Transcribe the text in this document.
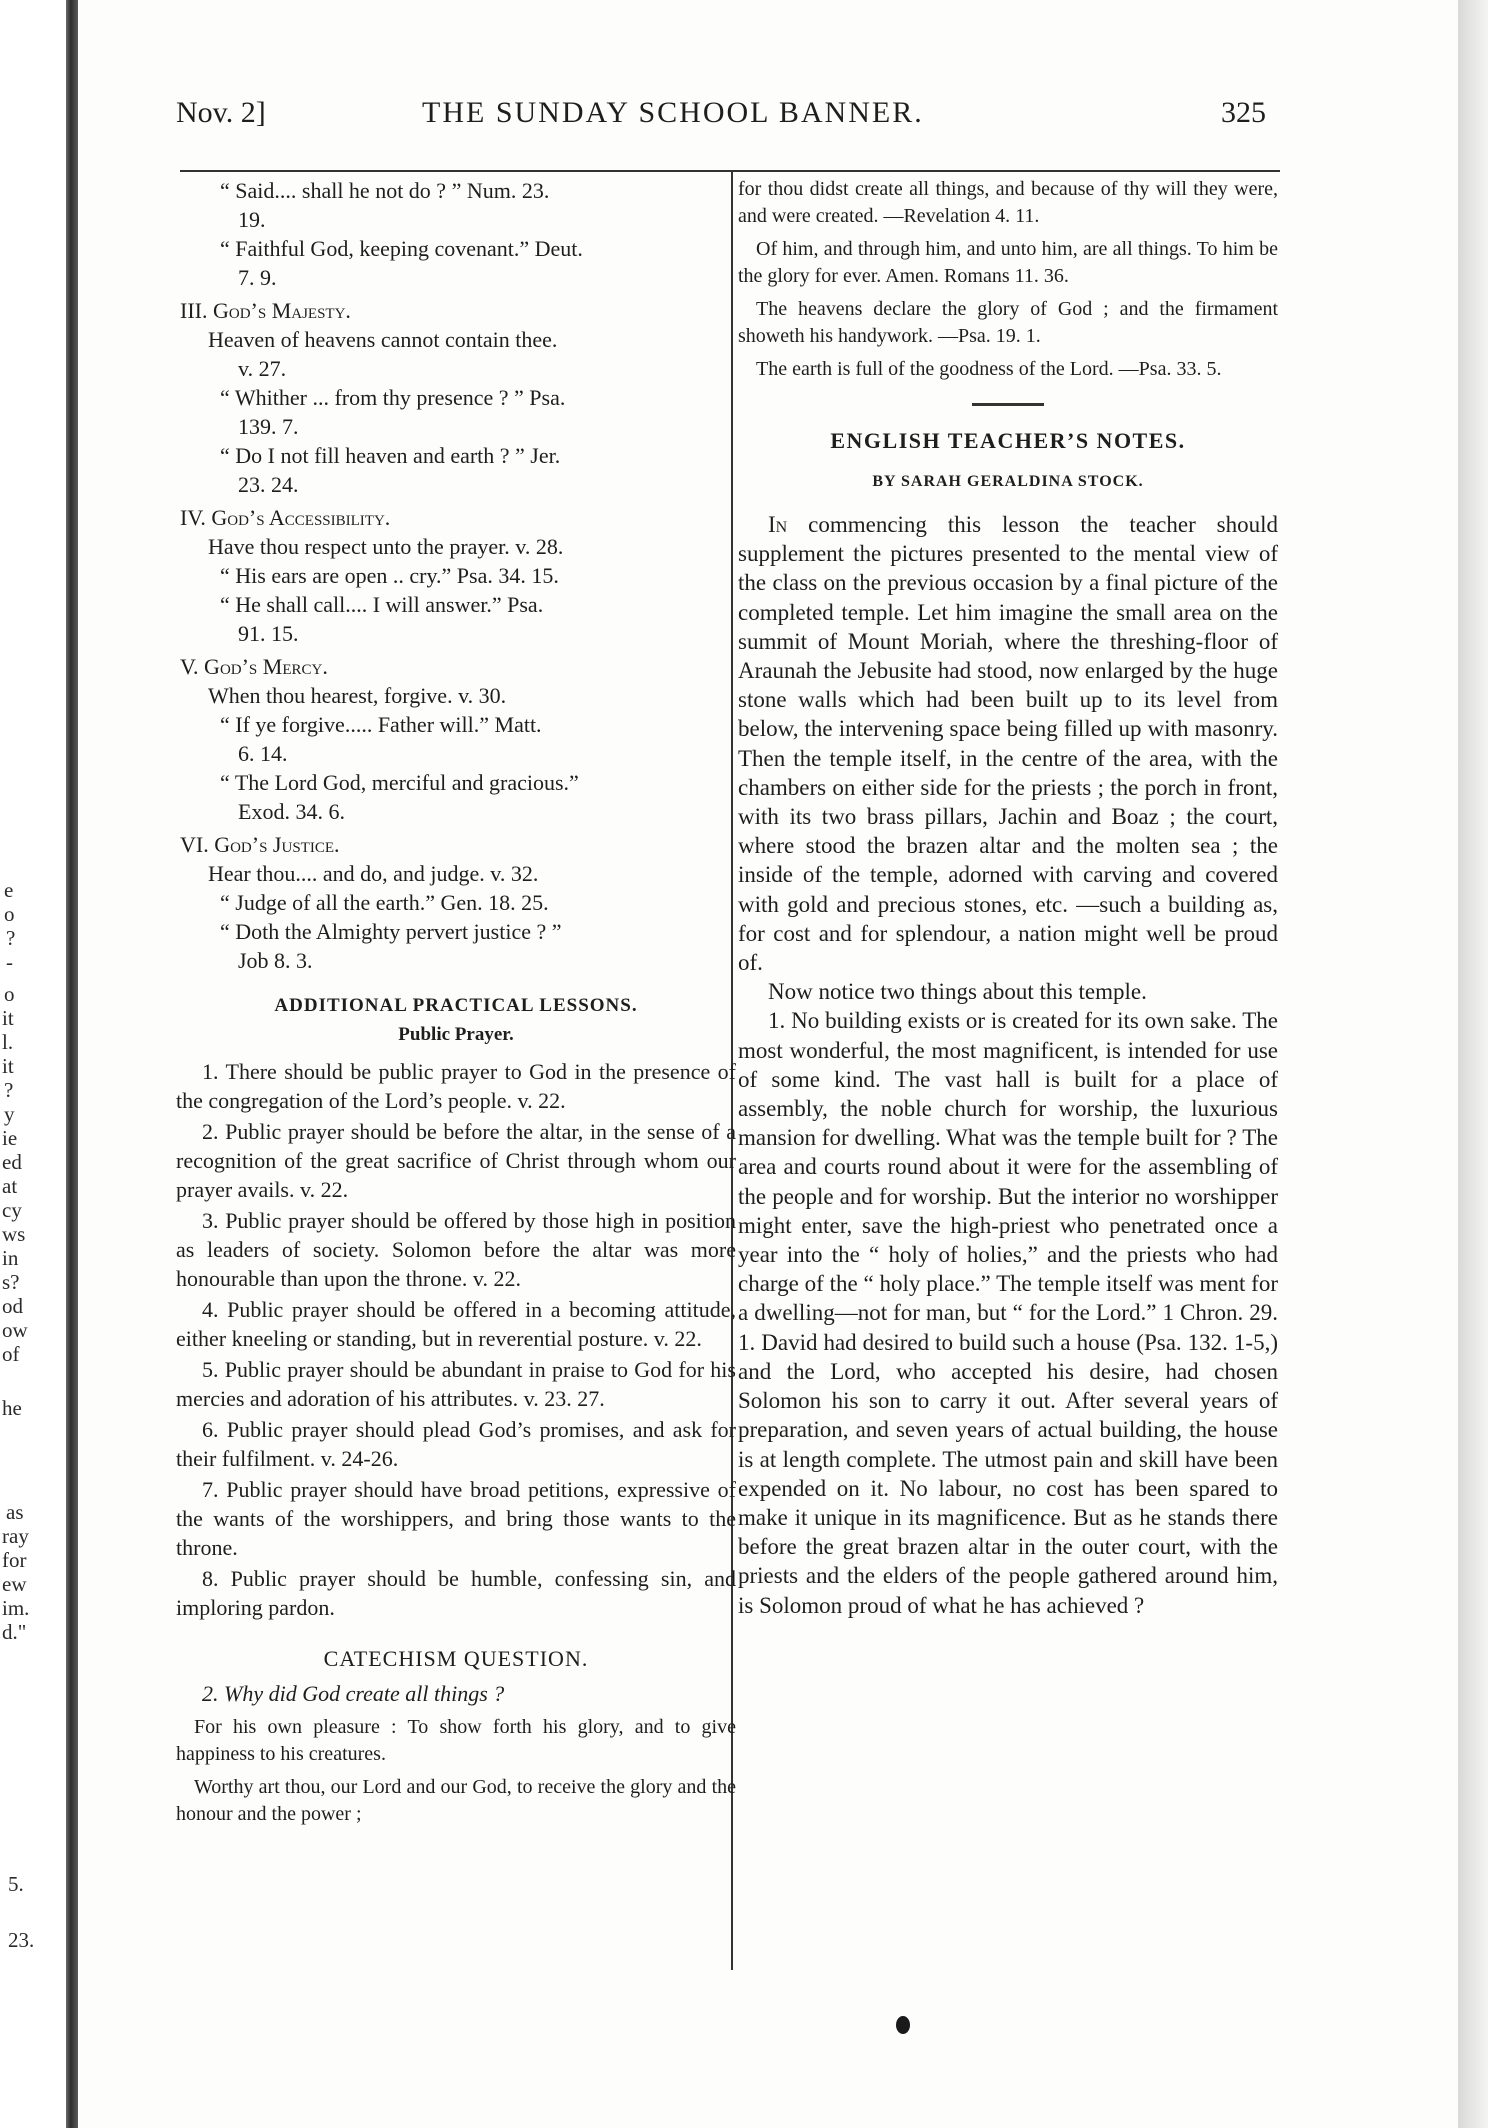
e
o
?
-
o
it
l.
it
?
y
ie
ed
at
cy
ws
in
s?
od
ow
of
he
as
ray
for
ew
im.
d."
5.
23.
Nov. 2]	THE SUNDAY SCHOOL BANNER.	325

“ Said.... shall he not do ? ” Num. 23.

19.

“ Faithful God, keeping covenant.” Deut.

7. 9.

III. God’s Majesty.

Heaven of heavens cannot contain thee.

v. 27.

“ Whither ... from thy presence ? ” Psa.

139. 7.

“ Do I not fill heaven and earth ? ” Jer.

23. 24.

IV. God’s Accessibility.

Have thou respect unto the prayer. v. 28.

“ His ears are open .. cry.” Psa. 34. 15.

“ He shall call.... I will answer.” Psa.

91. 15.

V. God’s Mercy.

When thou hearest, forgive. v. 30.

“ If ye forgive..... Father will.” Matt.

6. 14.

“ The Lord God, merciful and gracious.”

Exod. 34. 6.

VI. God’s Justice.

Hear thou.... and do, and judge. v. 32.

“ Judge of all the earth.” Gen. 18. 25.

“ Doth the Almighty pervert justice ? ”

Job 8. 3.

ADDITIONAL PRACTICAL LESSONS.

Public Prayer.

1. There should be public prayer to God in the presence of the congregation of the Lord’s people. v. 22.

2. Public prayer should be before the altar, in the sense of a recognition of the great sacrifice of Christ through whom our prayer avails. v. 22.

3. Public prayer should be offered by those high in position as leaders of society. Solomon before the altar was more honourable than upon the throne. v. 22.

4. Public prayer should be offered in a becoming attitude, either kneeling or standing, but in reverential posture. v. 22.

5. Public prayer should be abundant in praise to God for his mercies and adoration of his attributes. v. 23. 27.

6. Public prayer should plead God’s promises, and ask for their fulfilment. v. 24-26.

7. Public prayer should have broad petitions, expressive of the wants of the worshippers, and bring those wants to the throne.

8. Public prayer should be humble, confessing sin, and imploring pardon.

CATECHISM QUESTION.

2. Why did God create all things ?

For his own pleasure : To show forth his glory, and to give happiness to his creatures.

Worthy art thou, our Lord and our God, to receive the glory and the honour and the power ;

for thou didst create all things, and because of thy will they were, and were created. —Revelation 4. 11.

Of him, and through him, and unto him, are all things. To him be the glory for ever. Amen. Romans 11. 36.

The heavens declare the glory of God ; and the firmament showeth his handywork. —Psa. 19. 1.

The earth is full of the goodness of the Lord. —Psa. 33. 5.

ENGLISH TEACHER’S NOTES.

BY SARAH GERALDINA STOCK.

In commencing this lesson the teacher should supplement the pictures presented to the mental view of the class on the previous occasion by a final picture of the completed temple. Let him imagine the small area on the summit of Mount Moriah, where the threshing-floor of Araunah the Jebusite had stood, now enlarged by the huge stone walls which had been built up to its level from below, the intervening space being filled up with masonry. Then the temple itself, in the centre of the area, with the chambers on either side for the priests ; the porch in front, with its two brass pillars, Jachin and Boaz ; the court, where stood the brazen altar and the molten sea ; the inside of the temple, adorned with carving and covered with gold and precious stones, etc. —such a building as, for cost and for splendour, a nation might well be proud of.

Now notice two things about this temple.

1. No building exists or is created for its own sake. The most wonderful, the most magnificent, is intended for use of some kind. The vast hall is built for a place of assembly, the noble church for worship, the luxurious mansion for dwelling. What was the temple built for ? The area and courts round about it were for the assembling of the people and for worship. But the interior no worshipper might enter, save the high-priest who penetrated once a year into the “ holy of holies,” and the priests who had charge of the “ holy place.” The temple itself was ment for a dwelling—not for man, but “ for the Lord.” 1 Chron. 29. 1. David had desired to build such a house (Psa. 132. 1-5,) and the Lord, who accepted his desire, had chosen Solomon his son to carry it out. After several years of preparation, and seven years of actual building, the house is at length complete. The utmost pain and skill have been expended on it. No labour, no cost has been spared to make it unique in its magnificence. But as he stands there before the great brazen altar in the outer court, with the priests and the elders of the people gathered around him, is Solomon proud of what he has achieved ?
